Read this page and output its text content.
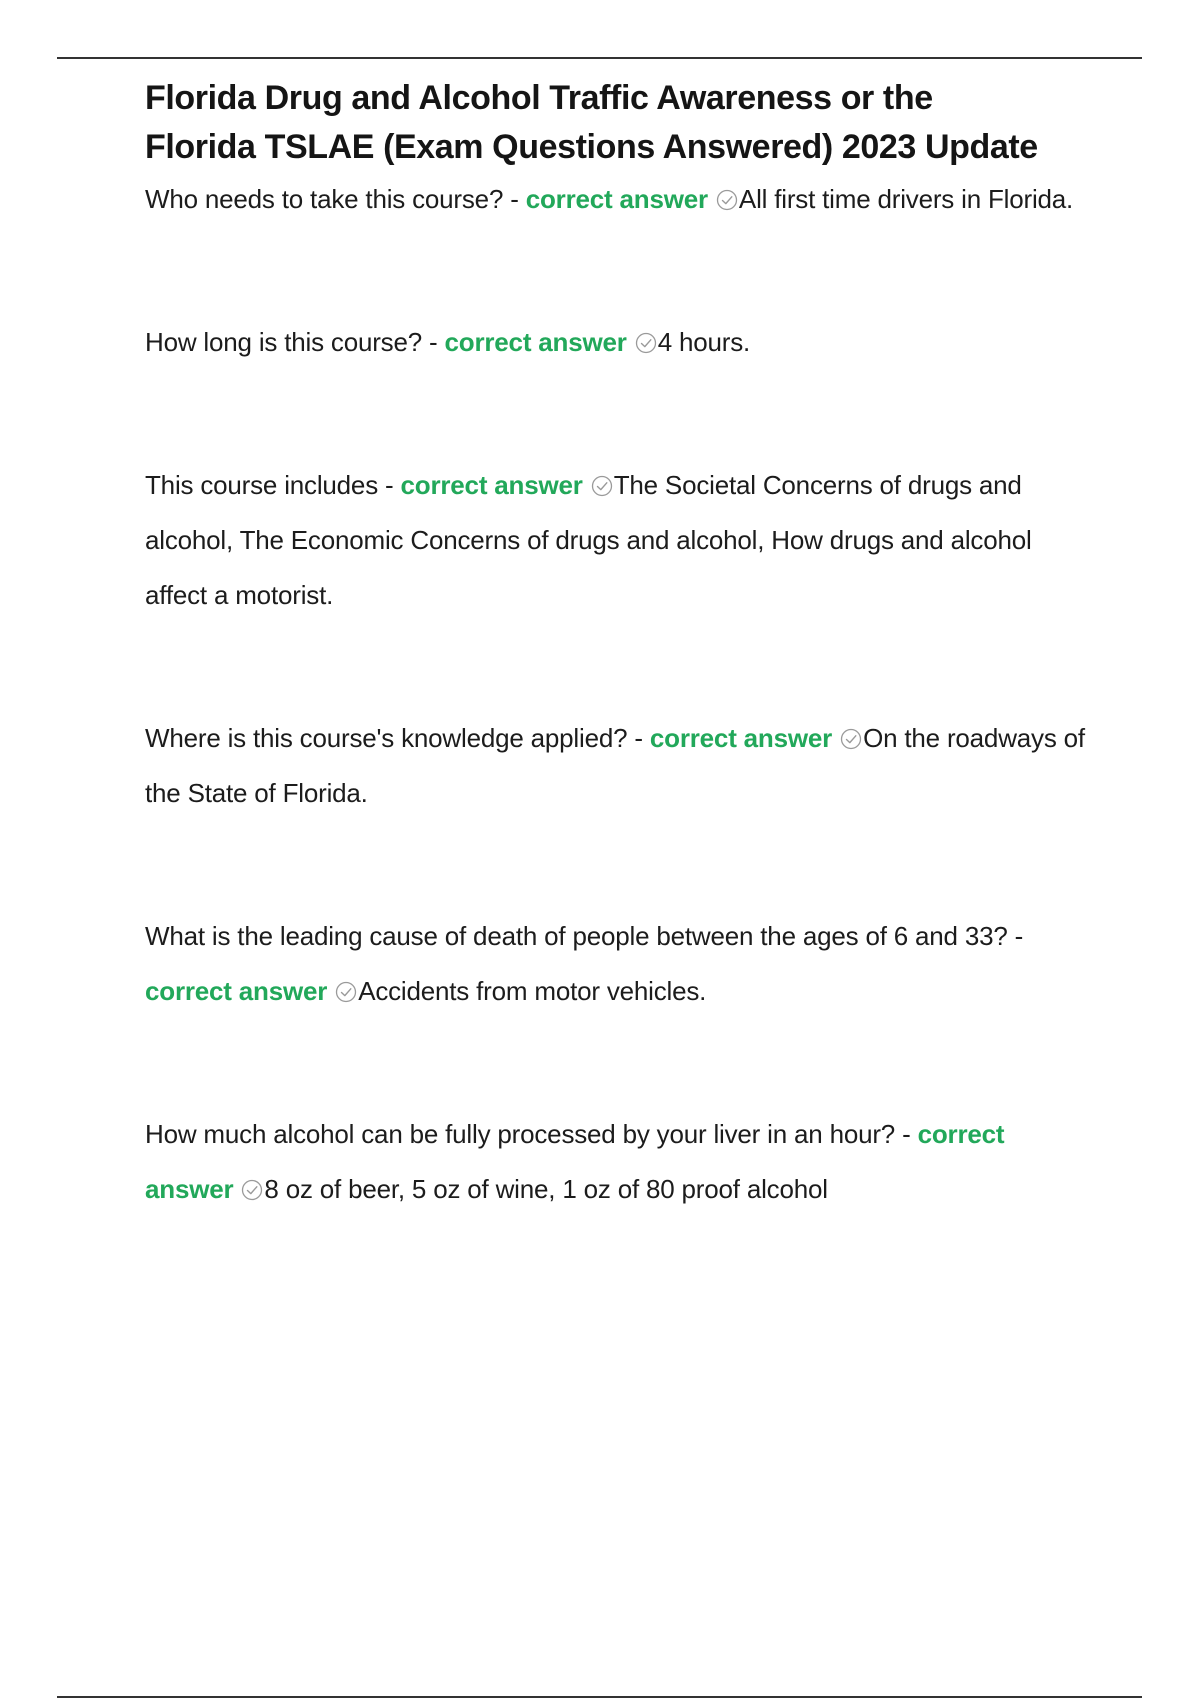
Florida Drug and Alcohol Traffic Awareness or the
Florida TSLAE (Exam Questions Answered) 2023 Update

Who needs to take this course? - correct answer All first time drivers in Florida.

How long is this course? - correct answer 4 hours.

This course includes - correct answer The Societal Concerns of drugs and alcohol, The Economic Concerns of drugs and alcohol, How drugs and alcohol affect a motorist.

Where is this course's knowledge applied? - correct answer On the roadways of the State of Florida.

What is the leading cause of death of people between the ages of 6 and 33? - correct answer Accidents from motor vehicles.

How much alcohol can be fully processed by your liver in an hour? - correct answer 8 oz of beer, 5 oz of wine, 1 oz of 80 proof alcohol
